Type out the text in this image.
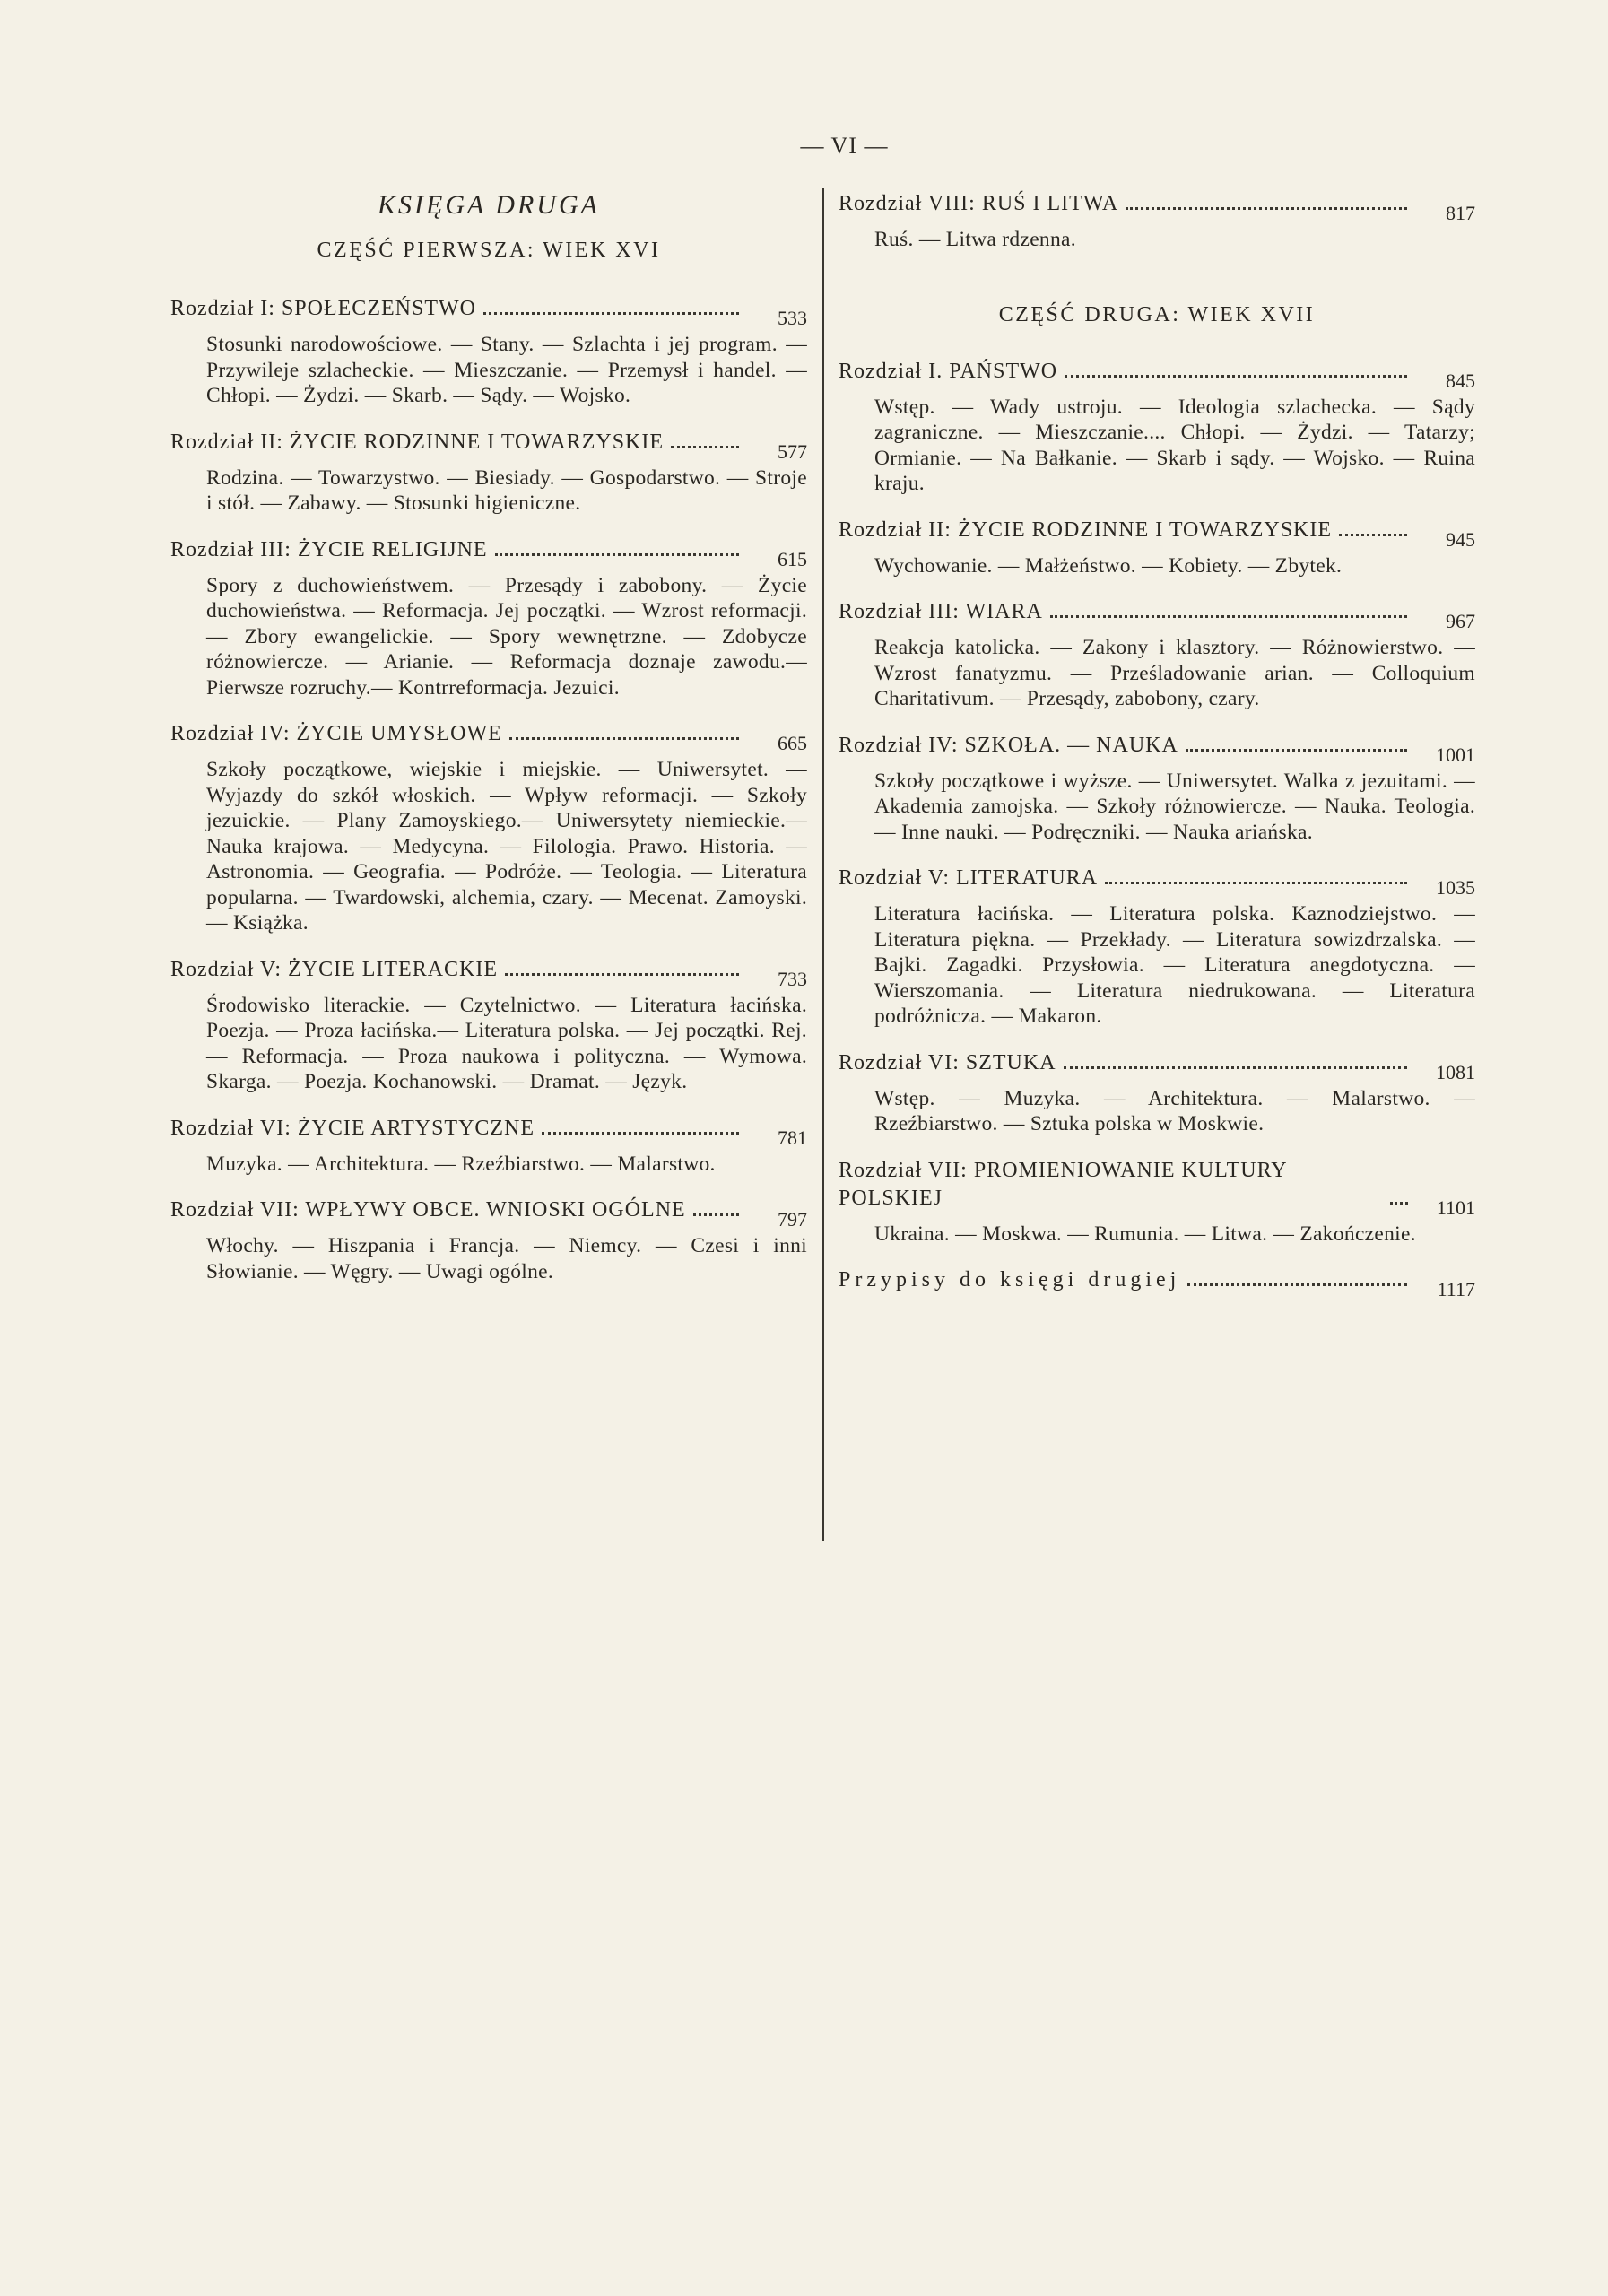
— VI —
KSIĘGA DRUGA
CZĘŚĆ PIERWSZA: WIEK XVI
Rozdział I: SPOŁECZEŃSTWO	533
Stosunki narodowościowe. — Stany. — Szlachta i jej program. — Przywileje szlacheckie. — Mieszczanie. — Przemysł i handel. — Chłopi. — Żydzi. — Skarb. — Sądy. — Wojsko.
Rozdział II: ŻYCIE RODZINNE I TOWARZYSKIE	577
Rodzina. — Towarzystwo. — Biesiady. — Gospodarstwo. — Stroje i stół. — Zabawy. — Stosunki higieniczne.
Rozdział III: ŻYCIE RELIGIJNE	615
Spory z duchowieństwem. — Przesądy i zabobony. — Życie duchowieństwa. — Reformacja. Jej początki. — Wzrost reformacji. — Zbory ewangelickie. — Spory wewnętrzne. — Zdobycze różnowiercze. — Arianie. — Reformacja doznaje zawodu.— Pierwsze rozruchy.— Kontrreformacja. Jezuici.
Rozdział IV: ŻYCIE UMYSŁOWE	665
Szkoły początkowe, wiejskie i miejskie. — Uniwersytet. — Wyjazdy do szkół włoskich. — Wpływ reformacji. — Szkoły jezuickie. — Plany Zamoyskiego.— Uniwersytety niemieckie.— Nauka krajowa. — Medycyna. — Filologia. Prawo. Historia. — Astronomia. — Geografia. — Podróże. — Teologia. — Literatura popularna. — Twardowski, alchemia, czary. — Mecenat. Zamoyski. — Książka.
Rozdział V: ŻYCIE LITERACKIE	733
Środowisko literackie. — Czytelnictwo. — Literatura łacińska. Poezja. — Proza łacińska.— Literatura polska. — Jej początki. Rej. — Reformacja. — Proza naukowa i polityczna. — Wymowa. Skarga. — Poezja. Kochanowski. — Dramat. — Język.
Rozdział VI: ŻYCIE ARTYSTYCZNE	781
Muzyka. — Architektura. — Rzeźbiarstwo. — Malarstwo.
Rozdział VII: WPŁYWY OBCE. WNIOSKI OGÓLNE	797
Włochy. — Hiszpania i Francja. — Niemcy. — Czesi i inni Słowianie. — Węgry. — Uwagi ogólne.
Rozdział VIII: RUŚ I LITWA	817
Ruś. — Litwa rdzenna.
CZĘŚĆ DRUGA: WIEK XVII
Rozdział I. PAŃSTWO	845
Wstęp. — Wady ustroju. — Ideologia szlachecka. — Sądy zagraniczne. — Mieszczanie.... Chłopi. — Żydzi. — Tatarzy; Ormianie. — Na Bałkanie. — Skarb i sądy. — Wojsko. — Ruina kraju.
Rozdział II: ŻYCIE RODZINNE I TOWARZYSKIE	945
Wychowanie. — Małżeństwo. — Kobiety. — Zbytek.
Rozdział III: WIARA	967
Reakcja katolicka. — Zakony i klasztory. — Różnowierstwo. — Wzrost fanatyzmu. — Prześladowanie arian. — Colloquium Charitativum. — Przesądy, zabobony, czary.
Rozdział IV: SZKOŁA. — NAUKA	1001
Szkoły początkowe i wyższe. — Uniwersytet. Walka z jezuitami. — Akademia zamojska. — Szkoły różnowiercze. — Nauka. Teologia. — Inne nauki. — Podręczniki. — Nauka ariańska.
Rozdział V: LITERATURA	1035
Literatura łacińska. — Literatura polska. Kaznodziejstwo. — Literatura piękna. — Przekłady. — Literatura sowizdrzalska. — Bajki. Zagadki. Przysłowia. — Literatura anegdotyczna. — Wierszomania. — Literatura niedrukowana. — Literatura podróżnicza. — Makaron.
Rozdział VI: SZTUKA	1081
Wstęp. — Muzyka. — Architektura. — Malarstwo. — Rzeźbiarstwo. — Sztuka polska w Moskwie.
Rozdział VII: PROMIENIOWANIE KULTURY POLSKIEJ	1101
Ukraina. — Moskwa. — Rumunia. — Litwa. — Zakończenie.
Przypisy do księgi drugiej	1117
